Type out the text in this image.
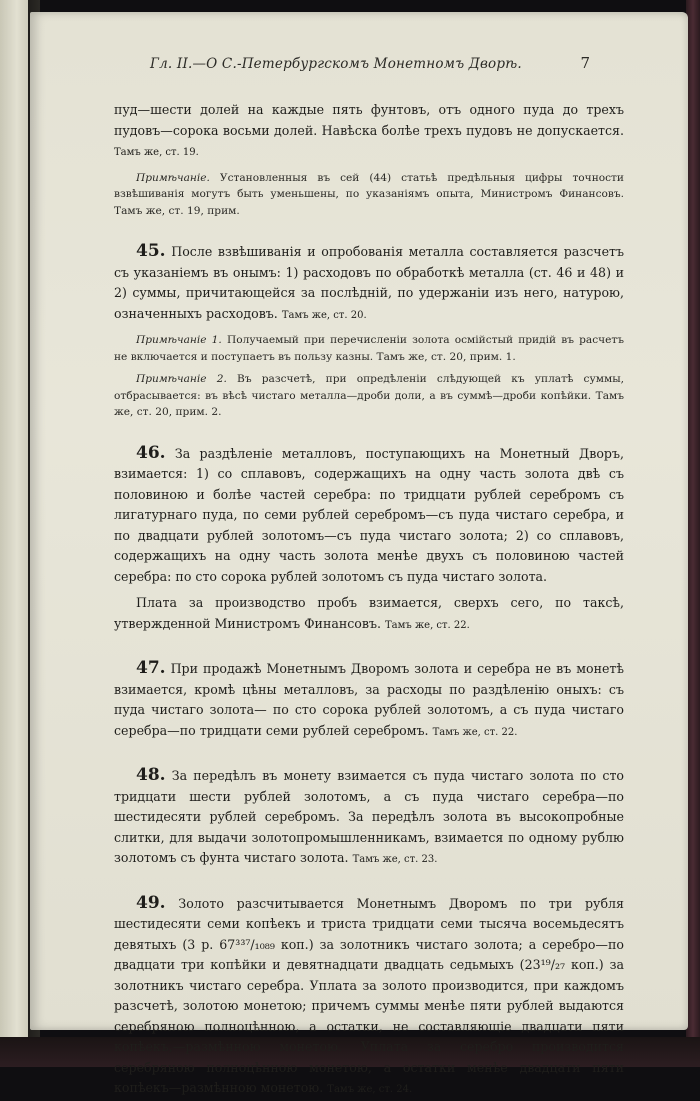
Гл. II.—О С.-Петербургскомъ Монетномъ Дворѣ.	7

пуд—шести долей на каждые пять фунтовъ, отъ одного пуда до трехъ пудовъ—сорока восьми долей. Навѣска болѣе трехъ пудовъ не допускается. Тамъ же, ст. 19.

Примѣчаніе. Установленныя въ сей (44) статьѣ предѣльныя цифры точности взвѣшиванія могутъ быть уменьшены, по указаніямъ опыта, Министромъ Финансовъ. Тамъ же, ст. 19, прим.

45. После взвѣшиванія и опробованія металла составляется разсчетъ съ указаніемъ въ онымъ: 1) расходовъ по обработкѣ металла (ст. 46 и 48) и 2) суммы, причитающейся за послѣдній, по удержаніи изъ него, натурою, означенныхъ расходовъ. Тамъ же, ст. 20.

Примѣчаніе 1. Получаемый при перечисленіи золота осмійстый придiй въ расчетъ не включается и поступаетъ въ пользу казны. Тамъ же, ст. 20, прим. 1.

Примѣчаніе 2. Въ разсчетѣ, при опредѣленіи слѣдующей къ уплатѣ суммы, отбрасывается: въ вѣсѣ чистаго металла—дроби доли, а въ суммѣ—дроби копѣйки. Тамъ же, ст. 20, прим. 2.

46. За раздѣленіе металловъ, поступающихъ на Монетный Дворъ, взимается: 1) со сплавовъ, содержащихъ на одну часть золота двѣ съ половиною и болѣе частей серебра: по тридцати рублей серебромъ съ лигатурнаго пуда, по семи рублей серебромъ—съ пуда чистаго серебра, и по двадцати рублей золотомъ—съ пуда чистаго золота; 2) со сплавовъ, содержащихъ на одну часть золота менѣе двухъ съ половиною частей серебра: по сто сорока рублей золотомъ съ пуда чистаго золота.

Плата за производство пробъ взимается, сверхъ сего, по таксѣ, утвержденной Министромъ Финансовъ. Тамъ же, ст. 22.

47. При продажѣ Монетнымъ Дворомъ золота и серебра не въ монетѣ взимается, кромѣ цѣны металловъ, за расходы по раздѣленію оныхъ: съ пуда чистаго золота— по сто сорока рублей золотомъ, а съ пуда чистаго серебра—по тридцати семи рублей серебромъ. Тамъ же, ст. 22.

48. За передѣлъ въ монету взимается съ пуда чистаго золота по сто тридцати шести рублей золотомъ, а съ пуда чистаго серебра—по шестидесяти рублей серебромъ. За передѣлъ золота въ высокопробные слитки, для выдачи золотопромышленникамъ, взимается по одному рублю золотомъ съ фунта чистаго золота. Тамъ же, ст. 23.

49. Золото разсчитывается Монетнымъ Дворомъ по три рубля шестидесяти семи копѣекъ и триста тридцати семи тысяча восемьдесятъ девятыхъ (3 р. 67³³⁷/₁₀₈₉ коп.) за золотникъ чистаго золота; а серебро—по двадцати три копѣйки и девятнадцати двадцать седьмыхъ (23¹⁹/₂₇ коп.) за золотникъ чистаго серебра. Уплата за золото производится, при каждомъ разсчетѣ, золотою монетою; причемъ суммы менѣе пяти рублей выдаются серебряною полноцѣнною, а остатки, не составляющіе двадцати пяти копѣекъ,—размѣнною монетою. Уплата за серебро производится серебряною полноцѣнною монетою, а остатки менѣе двадцати пяти копѣекъ—размѣнною монетою. Тамъ же, ст. 24.
